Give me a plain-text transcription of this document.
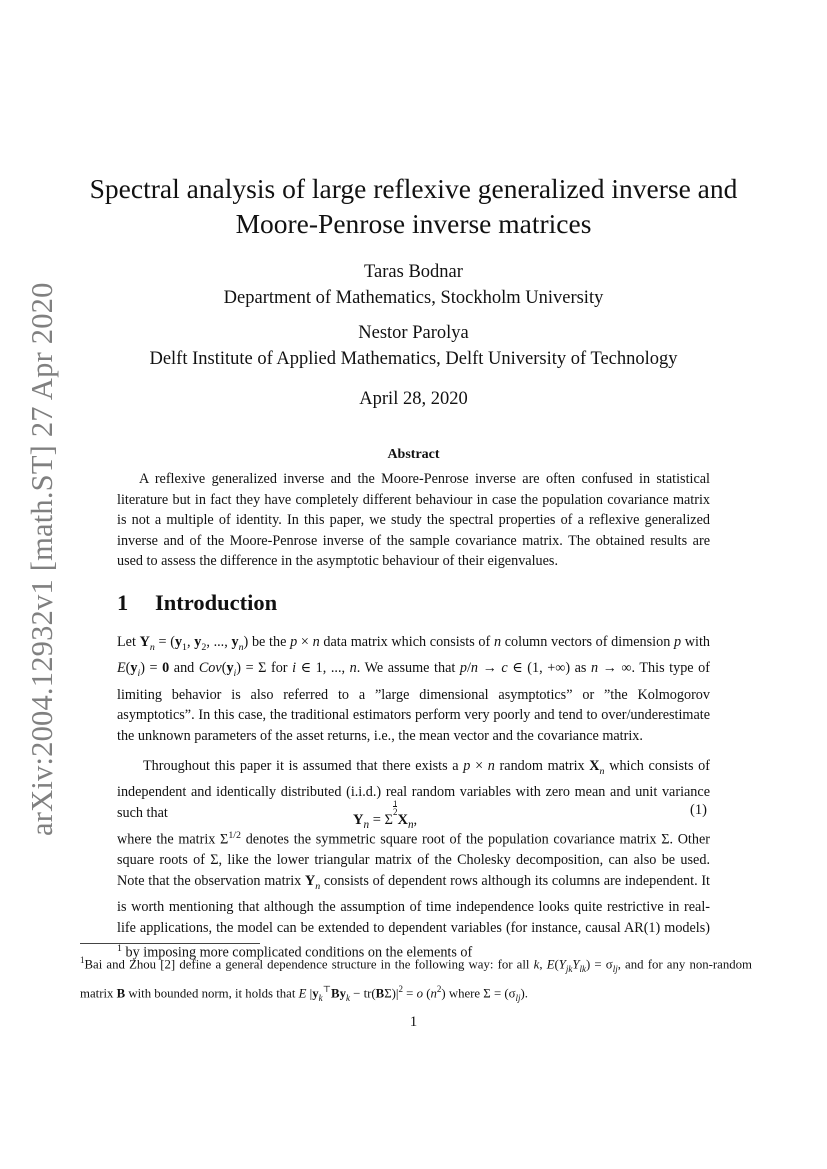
arXiv:2004.12932v1 [math.ST] 27 Apr 2020
Spectral analysis of large reflexive generalized inverse and
Moore-Penrose inverse matrices
Taras Bodnar
Department of Mathematics, Stockholm University
Nestor Parolya
Delft Institute of Applied Mathematics, Delft University of Technology
April 28, 2020
Abstract
A reflexive generalized inverse and the Moore-Penrose inverse are often confused in statistical literature but in fact they have completely different behaviour in case the population covariance matrix is not a multiple of identity. In this paper, we study the spectral properties of a reflexive generalized inverse and of the Moore-Penrose inverse of the sample covariance matrix. The obtained results are used to assess the difference in the asymptotic behaviour of their eigenvalues.
1 Introduction
Let $Y_n = (y_1$, $y_2$, ..., $y_n$) be the p × n data matrix which consists of n column vectors of dimension p with $E(y_i) = 0$ and $Cov(y_i) = \Sigma$ for i ∈ 1, ..., n. We assume that p/n → c ∈ (1, +∞) as n → ∞. This type of limiting behavior is also referred to a ”large dimensional asymptotics” or ”the Kolmogorov asymptotics”. In this case, the traditional estimators perform very poorly and tend to over/underestimate the unknown parameters of the asset returns, i.e., the mean vector and the covariance matrix.
Throughout this paper it is assumed that there exists a p × n random matrix $X_n$ which consists of independent and identically distributed (i.i.d.) real random variables with zero mean and unit variance such that	$Y_n = \Sigma^{1 2}X_n$,
(1)
where the matrix $\Sigma^{1/2}$ denotes the symmetric square root of the population covariance matrix Σ. Other square roots of Σ, like the lower triangular matrix of the Cholesky decomposition, can also be used. Note that the observation matrix $Y_n$ consists of dependent rows although its columns are independent. It is worth mentioning that although the assumption of time independence looks quite restrictive in real-life applications, the model can be extended to dependent variables (for instance, causal AR(1) models) $^1$ by imposing more complicated conditions on the elements of
$^1$Bai and Zhou [2] define a general dependence structure in the following way: for all k, $E(Y_{jk}Y_{lk}) = \sigma_{lj}$, and for any non-random matrix B with bounded norm, it holds that E $|y_k^⊤By_k - tr(B\Sigma)|^2 = o$ $(n^2)$ where $\Sigma = (\sigma_{lj})$.
1
